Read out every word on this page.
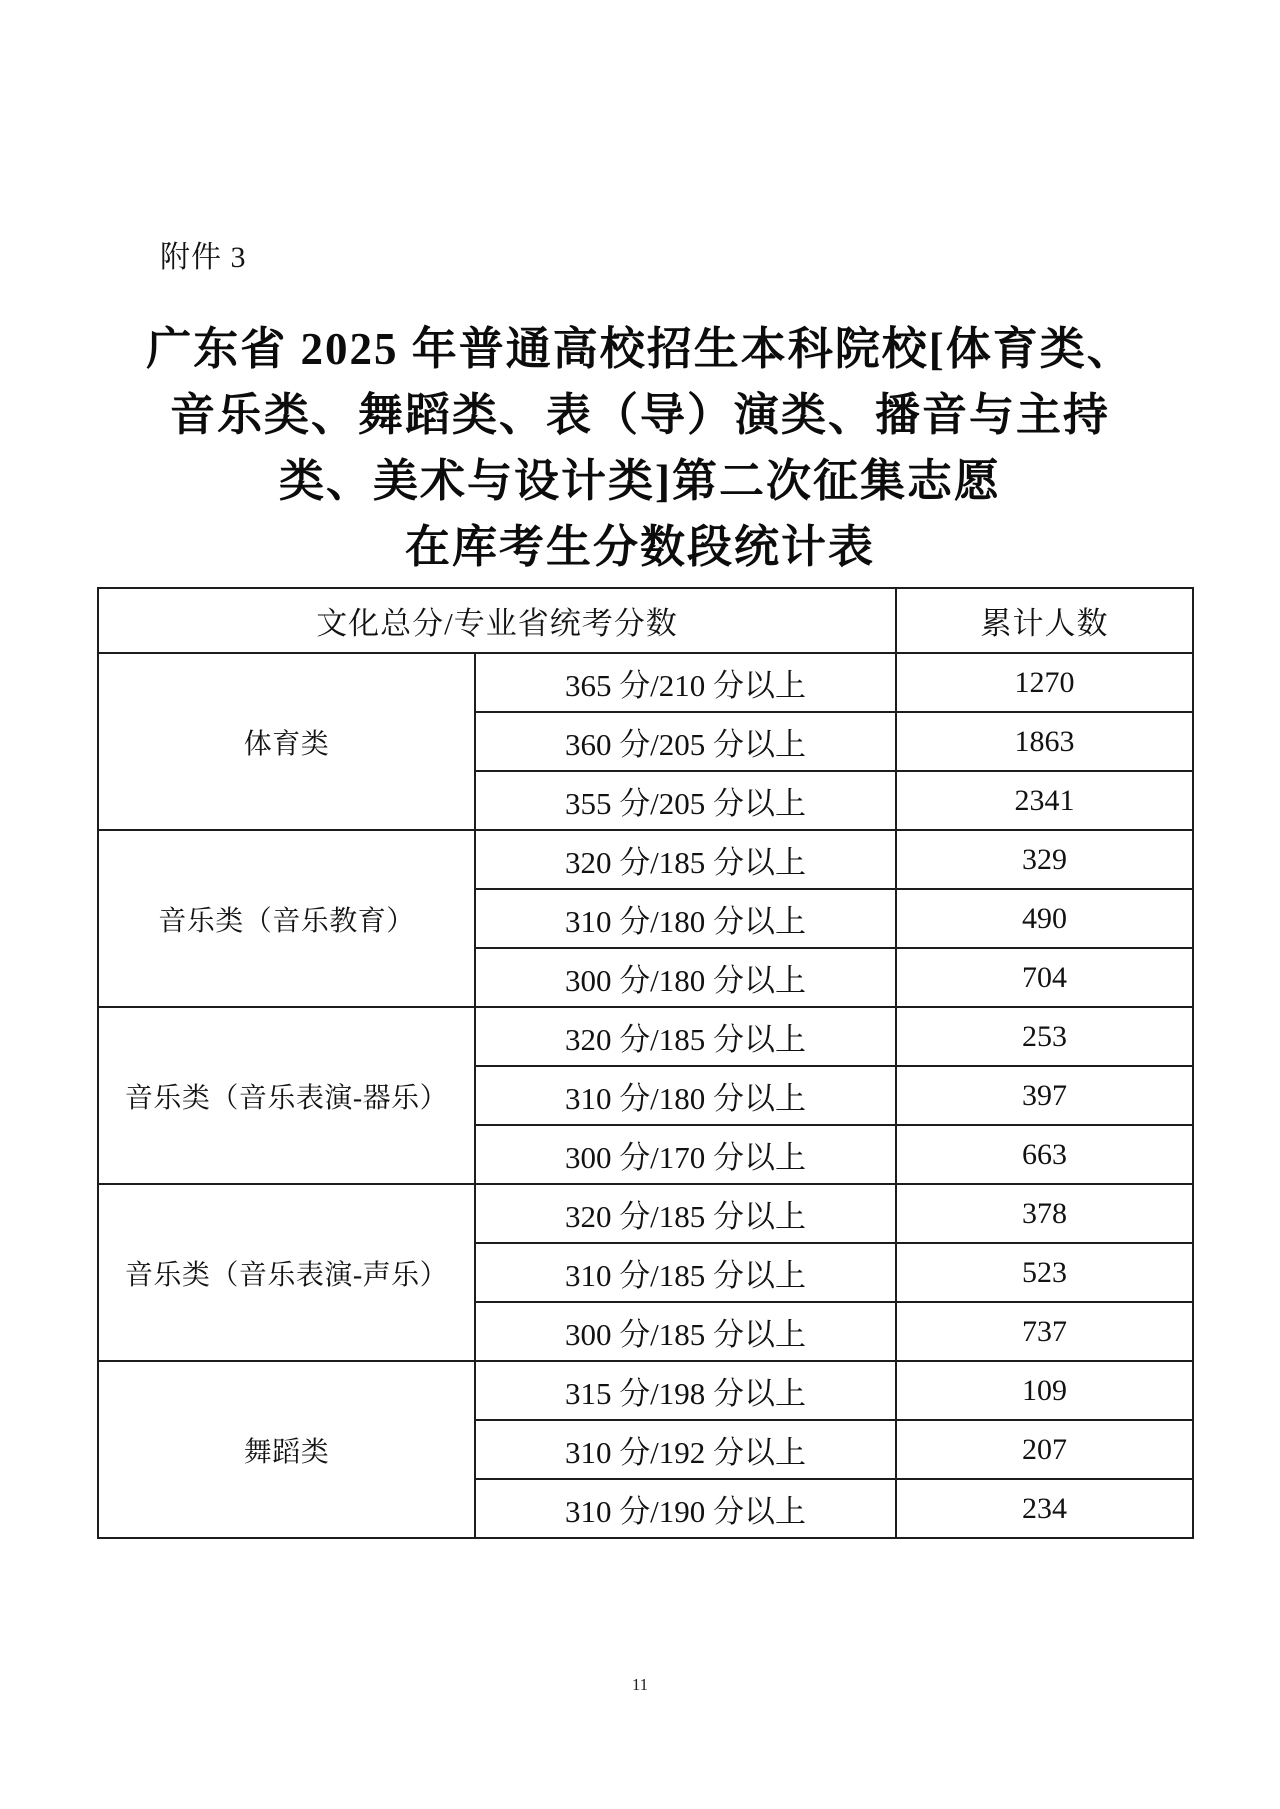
附件 3
广东省 2025 年普通高校招生本科院校[体育类、
音乐类、舞蹈类、表（导）演类、播音与主持
类、美术与设计类]第二次征集志愿
在库考生分数段统计表
文化总分/专业省统考分数		累计人数
体育类	365 分/210 分以上	1270
	360 分/205 分以上	1863
	355 分/205 分以上	2341
音乐类（音乐教育）	320 分/185 分以上	329
	310 分/180 分以上	490
	300 分/180 分以上	704
音乐类（音乐表演-器乐）	320 分/185 分以上	253
	310 分/180 分以上	397
	300 分/170 分以上	663
音乐类（音乐表演-声乐）	320 分/185 分以上	378
	310 分/185 分以上	523
	300 分/185 分以上	737
舞蹈类	315 分/198 分以上	109
	310 分/192 分以上	207
	310 分/190 分以上	234
11
